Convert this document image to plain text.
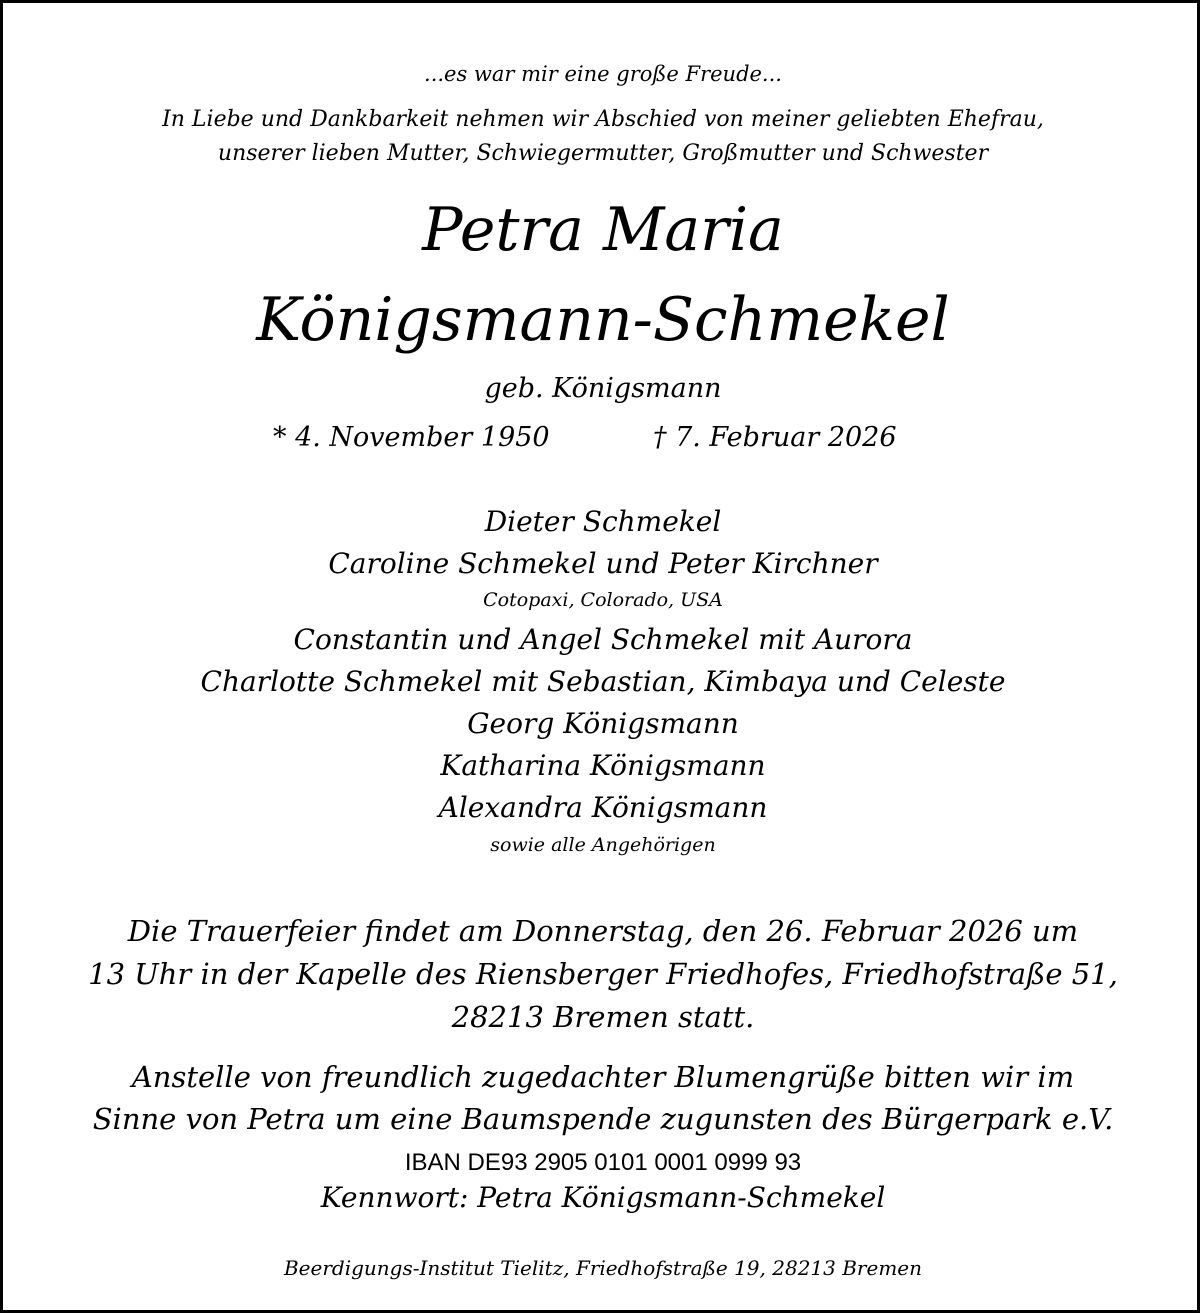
...es war mir eine große Freude...
In Liebe und Dankbarkeit nehmen wir Abschied von meiner geliebten Ehefrau,
unserer lieben Mutter, Schwiegermutter, Großmutter und Schwester
Petra Maria
Königsmann-Schmekel
geb. Königsmann
* 4. November 1950	† 7. Februar 2026
Dieter Schmekel
Caroline Schmekel und Peter Kirchner
Cotopaxi, Colorado, USA
Constantin und Angel Schmekel mit Aurora
Charlotte Schmekel mit Sebastian, Kimbaya und Celeste
Georg Königsmann
Katharina Königsmann
Alexandra Königsmann
sowie alle Angehörigen
Die Trauerfeier findet am Donnerstag, den 26. Februar 2026 um
13 Uhr in der Kapelle des Riensberger Friedhofes, Friedhofstraße 51,
28213 Bremen statt.
Anstelle von freundlich zugedachter Blumengrüße bitten wir im
Sinne von Petra um eine Baumspende zugunsten des Bürgerpark e.V.
IBAN DE93 2905 0101 0001 0999 93
Kennwort: Petra Königsmann-Schmekel
Beerdigungs-Institut Tielitz, Friedhofstraße 19, 28213 Bremen
